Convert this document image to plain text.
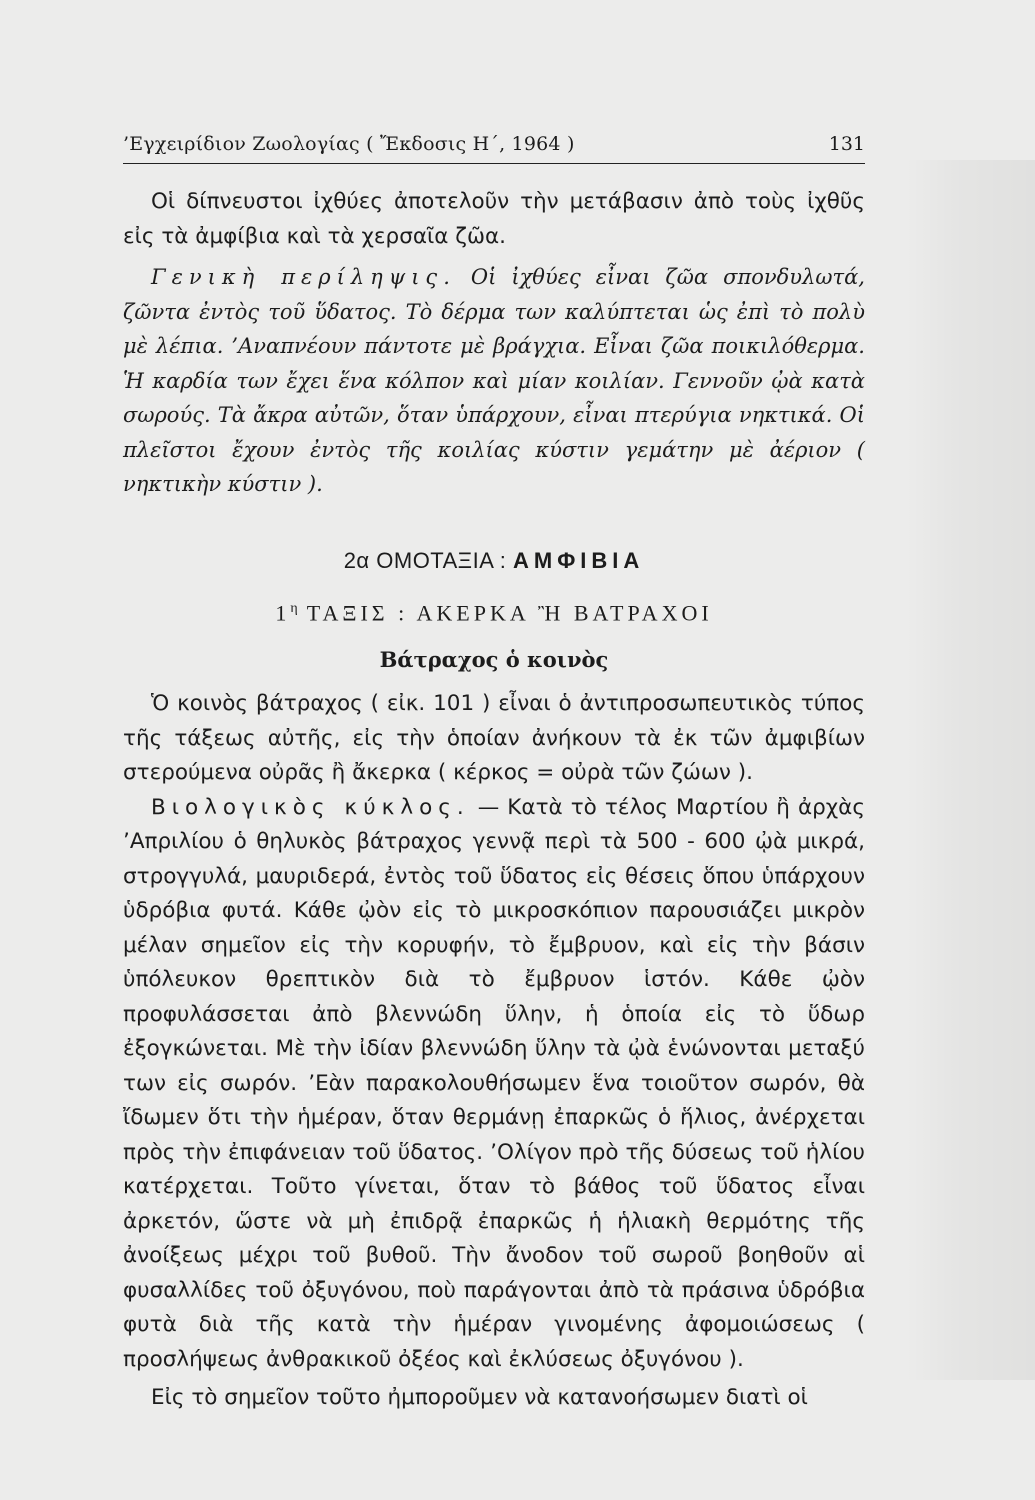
’Εγχειρίδιον Ζωολογίας ( Ἔκδοσις Η΄, 1964 )	131

Οἱ δίπνευστοι ἰχθύες ἀποτελοῦν τὴν μετάβασιν ἀπὸ τοὺς ἰχθῦς εἰς τὰ ἀμφίβια καὶ τὰ χερσαῖα ζῶα.

Γενικὴ περίληψις. Οἱ ἰχθύες εἶναι ζῶα σπονδυλωτά, ζῶντα ἐντὸς τοῦ ὕδατος. Τὸ δέρμα των καλύπτεται ὡς ἐπὶ τὸ πολὺ μὲ λέπια. ’Αναπνέουν πάντοτε μὲ βράγχια. Εἶναι ζῶα ποικιλόθερμα. Ἡ καρδία των ἔχει ἕνα κόλπον καὶ μίαν κοιλίαν. Γεννοῦν ᾠὰ κατὰ σωρούς. Τὰ ἄκρα αὐτῶν, ὅταν ὑπάρχουν, εἶναι πτερύγια νηκτικά. Οἱ πλεῖστοι ἔχουν ἐντὸς τῆς κοιλίας κύστιν γεμάτην μὲ ἀέριον ( νηκτικὴν κύστιν ).

2α ΟΜΟΤΑΞΙΑ : ΑΜΦΙΒΙΑ

$1^\eta$ ΤΑΞΙΣ : ΑΚΕΡΚΑ Ἢ ΒΑΤΡΑΧΟΙ

Βάτραχος ὁ κοινὸς

Ὁ κοινὸς βάτραχος ( εἰκ. 101 ) εἶναι ὁ ἀντιπροσωπευτικὸς τύπος τῆς τάξεως αὐτῆς, εἰς τὴν ὁποίαν ἀνήκουν τὰ ἐκ τῶν ἀμφιβίων στερούμενα οὐρᾶς ἢ ἄκερκα ( κέρκος = οὐρὰ τῶν ζώων ).

Βιολογικὸς κύκλος. — Κατὰ τὸ τέλος Μαρτίου ἢ ἀρχὰς ’Απριλίου ὁ θηλυκὸς βάτραχος γεννᾷ περὶ τὰ 500 - 600 ᾠὰ μικρά, στρογγυλά, μαυριδερά, ἐντὸς τοῦ ὕδατος εἰς θέσεις ὅπου ὑπάρχουν ὑδρόβια φυτά. Κάθε ᾠὸν εἰς τὸ μικροσκόπιον παρουσιάζει μικρὸν μέλαν σημεῖον εἰς τὴν κορυφήν, τὸ ἔμβρυον, καὶ εἰς τὴν βάσιν ὑπόλευκον θρεπτικὸν διὰ τὸ ἔμβρυον ἱστόν. Κάθε ᾠὸν προφυλάσσεται ἀπὸ βλεννώδη ὕλην, ἡ ὁποία εἰς τὸ ὕδωρ ἐξογκώνεται. Μὲ τὴν ἰδίαν βλεννώδη ὕλην τὰ ᾠὰ ἑνώνονται μεταξύ των εἰς σωρόν. ’Εὰν παρακολουθήσωμεν ἕνα τοιοῦτον σωρόν, θὰ ἴδωμεν ὅτι τὴν ἡμέραν, ὅταν θερμάνῃ ἐπαρκῶς ὁ ἥλιος, ἀνέρχεται πρὸς τὴν ἐπιφάνειαν τοῦ ὕδατος. ’Ολίγον πρὸ τῆς δύσεως τοῦ ἡλίου κατέρχεται. Τοῦτο γίνεται, ὅταν τὸ βάθος τοῦ ὕδατος εἶναι ἀρκετόν, ὥστε νὰ μὴ ἐπιδρᾷ ἐπαρκῶς ἡ ἡλιακὴ θερμότης τῆς ἀνοίξεως μέχρι τοῦ βυθοῦ. Τὴν ἄνοδον τοῦ σωροῦ βοηθοῦν αἱ φυσαλλίδες τοῦ ὀξυγόνου, ποὺ παράγονται ἀπὸ τὰ πράσινα ὑδρόβια φυτὰ διὰ τῆς κατὰ τὴν ἡμέραν γινομένης ἀφομοιώσεως ( προσλήψεως ἀνθρακικοῦ ὀξέος καὶ ἐκλύσεως ὀξυγόνου ).

Εἰς τὸ σημεῖον τοῦτο ἠμποροῦμεν νὰ κατανοήσωμεν διατὶ οἱ
